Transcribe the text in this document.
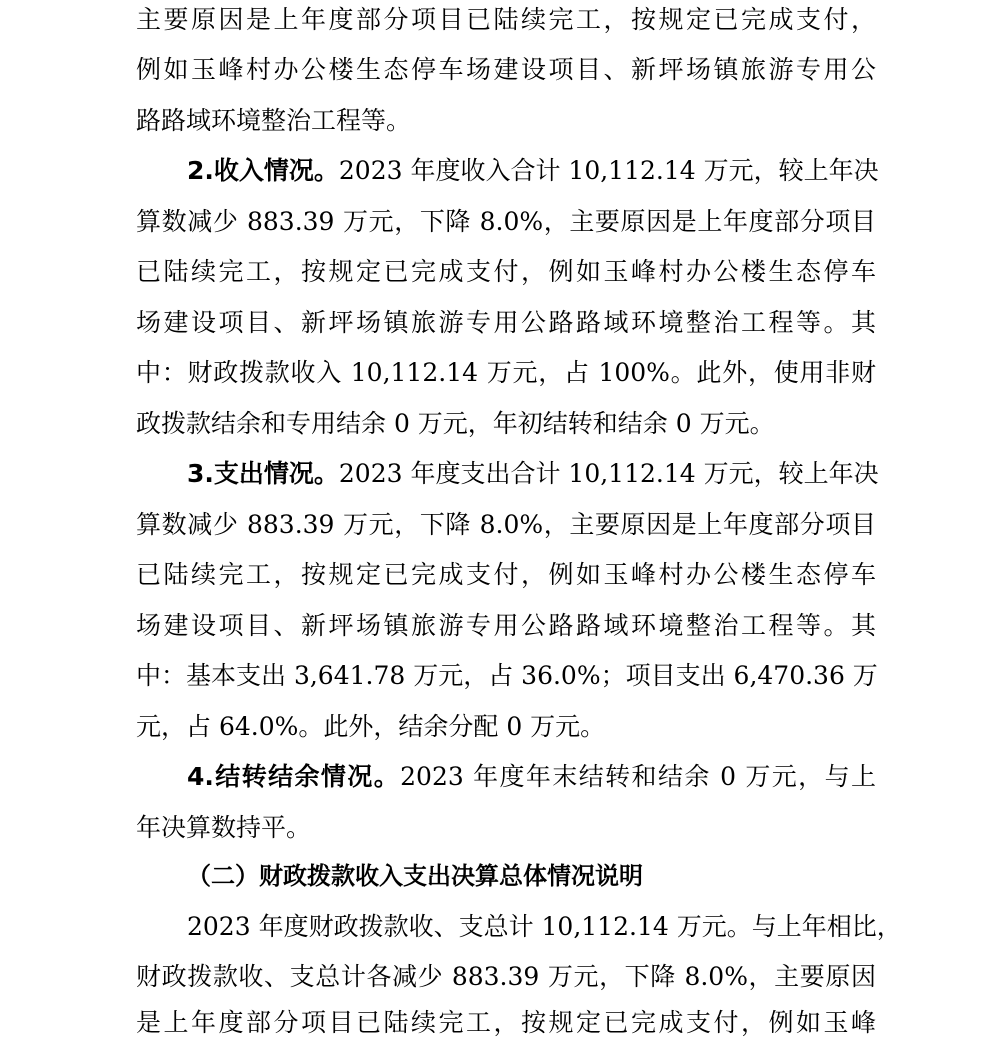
主要原因是上年度部分项目已陆续完工，按规定已完成支付，
例如玉峰村办公楼生态停车场建设项目、新坪场镇旅游专用公
路路域环境整治工程等。
2.收入情况。2023 年度收入合计 10,112.14 万元，较上年决
算数减少 883.39 万元，下降 8.0%，主要原因是上年度部分项目
已陆续完工，按规定已完成支付，例如玉峰村办公楼生态停车
场建设项目、新坪场镇旅游专用公路路域环境整治工程等。其
中：财政拨款收入 10,112.14 万元，占 100%。此外，使用非财
政拨款结余和专用结余 0 万元，年初结转和结余 0 万元。
3.支出情况。2023 年度支出合计 10,112.14 万元，较上年决
算数减少 883.39 万元，下降 8.0%，主要原因是上年度部分项目
已陆续完工，按规定已完成支付，例如玉峰村办公楼生态停车
场建设项目、新坪场镇旅游专用公路路域环境整治工程等。其
中：基本支出 3,641.78 万元，占 36.0%；项目支出 6,470.36 万
元，占 64.0%。此外，结余分配 0 万元。
4.结转结余情况。2023 年度年末结转和结余 0 万元，与上
年决算数持平。
（二）财政拨款收入支出决算总体情况说明
2023 年度财政拨款收、支总计 10,112.14 万元。与上年相比，
财政拨款收、支总计各减少 883.39 万元，下降 8.0%，主要原因
是上年度部分项目已陆续完工，按规定已完成支付，例如玉峰
